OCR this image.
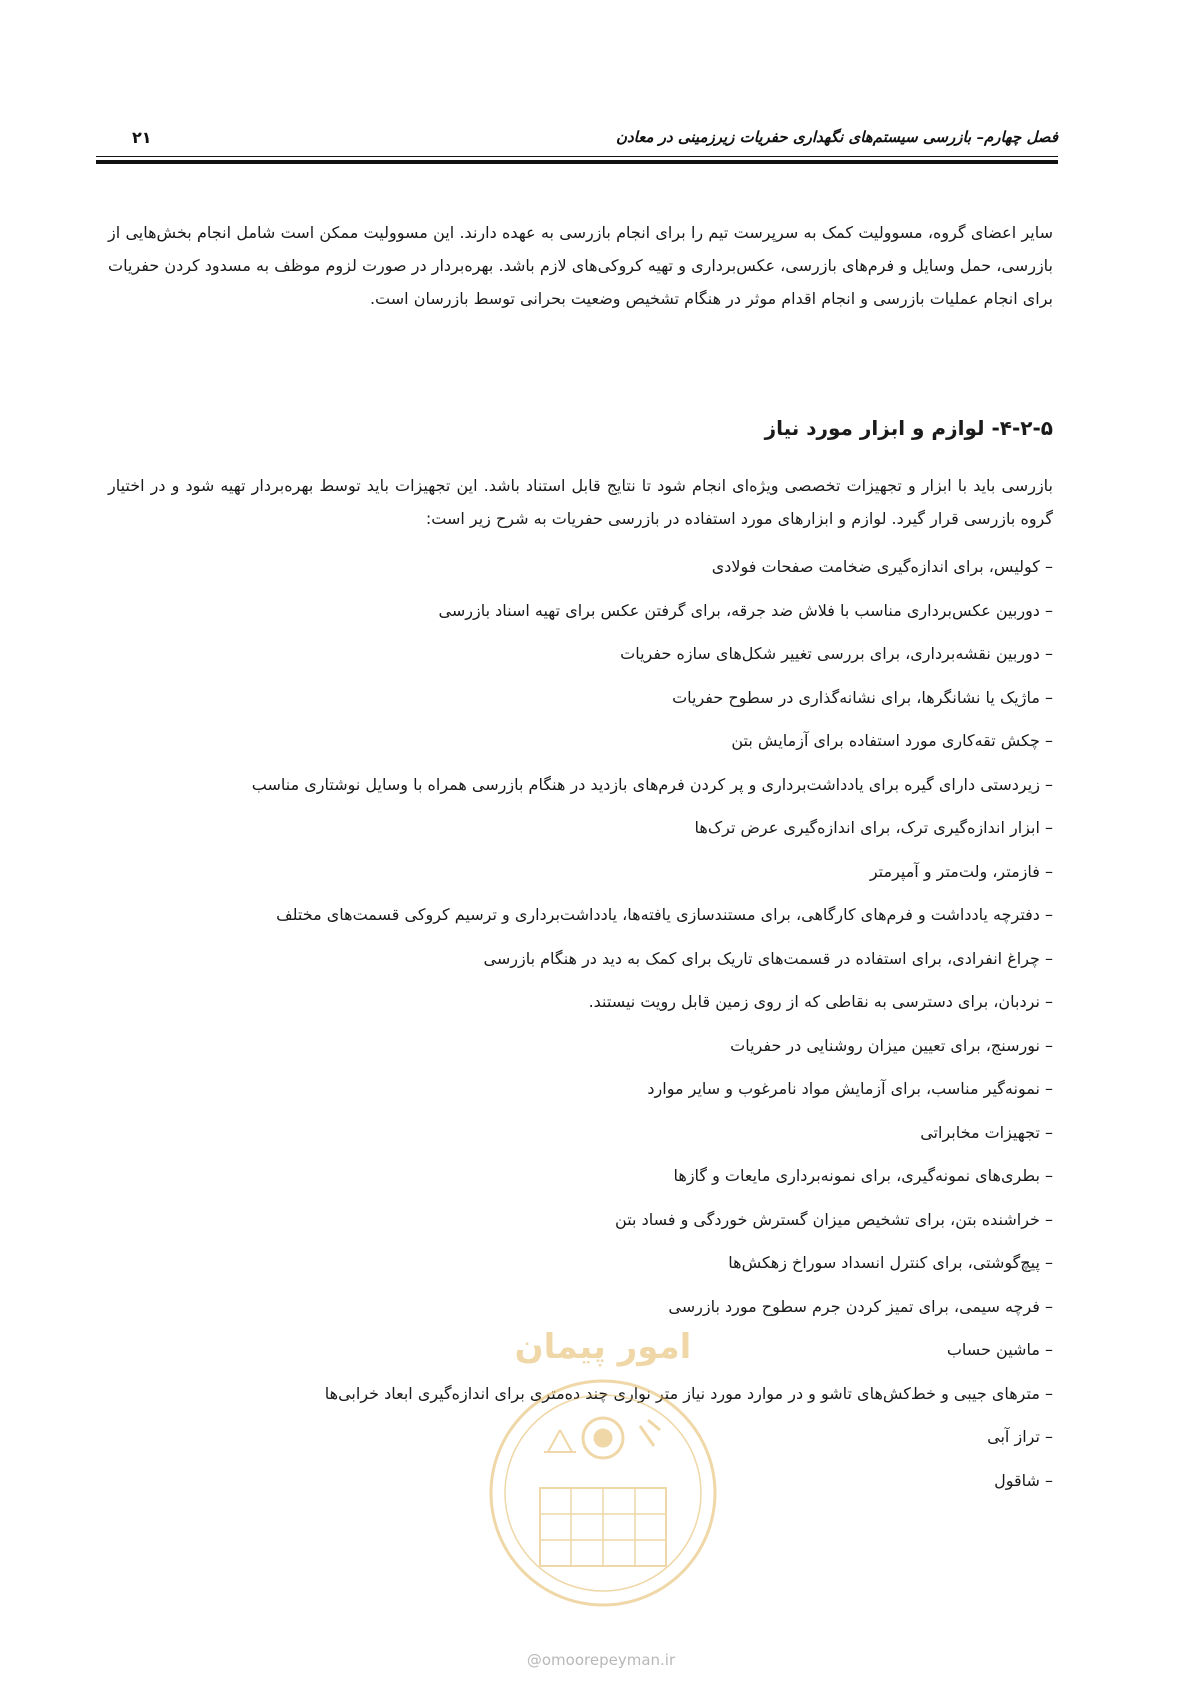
فصل چهارم– بازرسی سیستم‌های نگهداری حفریات زیرزمینی در معادن
۲۱

سایر اعضای گروه، مسوولیت کمک به سرپرست تیم را برای انجام بازرسی به عهده دارند. این مسوولیت ممکن است شامل انجام بخش‌هایی از بازرسی، حمل وسایل و فرم‌های بازرسی، عکس‌برداری و تهیه کروکی‌های لازم باشد. بهره‌بردار در صورت لزوم موظف به مسدود کردن حفریات برای انجام عملیات بازرسی و انجام اقدام موثر در هنگام تشخیص وضعیت بحرانی توسط بازرسان است.

۴-۲-۵- لوازم و ابزار مورد نیاز

بازرسی باید با ابزار و تجهیزات تخصصی ویژه‌ای انجام شود تا نتایج قابل استناد باشد. این تجهیزات باید توسط بهره‌بردار تهیه شود و در اختیار گروه بازرسی قرار گیرد. لوازم و ابزارهای مورد استفاده در بازرسی حفریات به شرح زیر است:

– کولیس، برای اندازه‌گیری ضخامت صفحات فولادی
– دوربین عکس‌برداری مناسب با فلاش ضد جرقه، برای گرفتن عکس برای تهیه اسناد بازرسی
– دوربین نقشه‌برداری، برای بررسی تغییر شکل‌های سازه حفریات
– ماژیک یا نشانگرها، برای نشانه‌گذاری در سطوح حفریات
– چکش تقه‌کاری مورد استفاده برای آزمایش بتن
– زیردستی دارای گیره برای یادداشت‌برداری و پر کردن فرم‌های بازدید در هنگام بازرسی همراه با وسایل نوشتاری مناسب
– ابزار اندازه‌گیری ترک، برای اندازه‌گیری عرض ترک‌ها
– فازمتر، ولت‌متر و آمپرمتر
– دفترچه یادداشت و فرم‌های کارگاهی، برای مستندسازی یافته‌ها، یادداشت‌برداری و ترسیم کروکی قسمت‌های مختلف
– چراغ انفرادی، برای استفاده در قسمت‌های تاریک برای کمک به دید در هنگام بازرسی
– نردبان، برای دسترسی به نقاطی که از روی زمین قابل رویت نیستند.
– نورسنج، برای تعیین میزان روشنایی در حفریات
– نمونه‌گیر مناسب، برای آزمایش مواد نامرغوب و سایر موارد
– تجهیزات مخابراتی
– بطری‌های نمونه‌گیری، برای نمونه‌برداری مایعات و گازها
– خراشنده بتن، برای تشخیص میزان گسترش خوردگی و فساد بتن
– پیچ‌گوشتی، برای کنترل انسداد سوراخ زهکش‌ها
– فرچه سیمی، برای تمیز کردن جرم سطوح مورد بازرسی
– ماشین حساب
– مترهای جیبی و خط‌کش‌های تاشو و در موارد مورد نیاز متر نواری چند ده‌متری برای اندازه‌گیری ابعاد خرابی‌ها
– تراز آبی
– شاقول
امور پیمان
@omoorepeyman.ir
